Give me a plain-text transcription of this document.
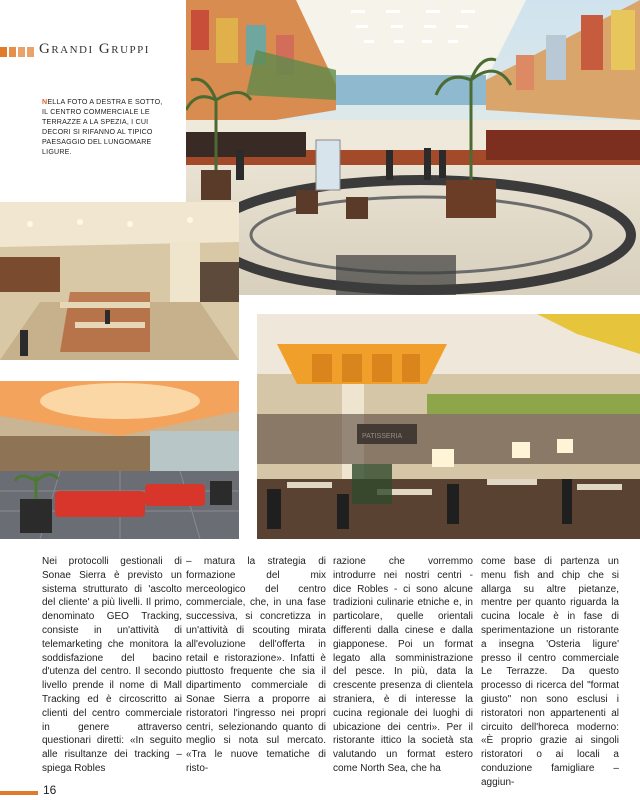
Grandi Gruppi
NELLA FOTO A DESTRA E SOTTO, IL CENTRO COMMERCIALE LE TERRAZZE A LA SPEZIA, I CUI DECORI SI RIFANNO AL TIPICO PAESAGGIO DEL LUNGOMARE LIGURE.
Nei protocolli gestionali di Sonae Sierra è previsto un sistema strutturato di 'ascolto del cliente' a più livelli. Il primo, denominato GEO Tracking, consiste in un'attività di telemarketing che monitora la soddisfazione del bacino d'utenza del centro. Il secondo livello prende il nome di Mall Tracking ed è circoscritto ai clienti del centro commerciale in genere attraverso questionari diretti: «In seguito alle risultanze dei tracking – spiega Robles
– matura la strategia di formazione del mix merceologico del centro commerciale, che, in una fase successiva, si concretizza in un'attività di scouting mirata all'evoluzione dell'offerta in retail e ristorazione». Infatti è piuttosto frequente che sia il dipartimento commerciale di Sonae Sierra a proporre ai ristoratori l'ingresso nei propri centri, selezionando quanto di meglio si nota sul mercato. «Tra le nuove tematiche di risto-
razione che vorremmo introdurre nei nostri centri - dice Robles - ci sono alcune tradizioni culinarie etniche e, in particolare, quelle orientali differenti dalla cinese e dalla giapponese. Poi un format legato alla somministrazione del pesce. In più, data la crescente presenza di clientela straniera, è di interesse la cucina regionale dei luoghi di ubicazione dei centri». Per il ristorante ittico la società sta valutando un format estero come North Sea, che ha
come base di partenza un menu fish and chip che si allarga su altre pietanze, mentre per quanto riguarda la cucina locale è in fase di sperimentazione un ristorante a insegna 'Osteria ligure' presso il centro commerciale Le Terrazze. Da questo processo di ricerca del "format giusto" non sono esclusi i ristoratori non appartenenti al circuito dell'horeca moderno: «È proprio grazie ai singoli ristoratori o ai locali a conduzione famigliare – aggiun-
16
